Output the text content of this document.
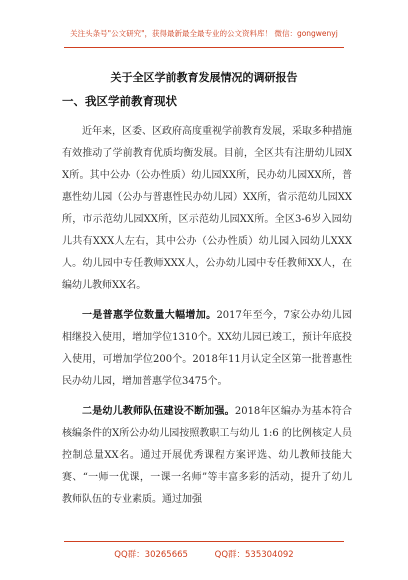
关注头条号"公文研究"，获得最新最全最专业的公文资料库！ 微信：gongwenyj
关于全区学前教育发展情况的调研报告
一、我区学前教育现状

近年来，区委、区政府高度重视学前教育发展，采取多种措施有效推动了学前教育优质均衡发展。目前，全区共有注册幼儿园XX所。其中公办（公办性质）幼儿园XX所，民办幼儿园XX所，普惠性幼儿园（公办与普惠性民办幼儿园）XX所，省示范幼儿园XX所，市示范幼儿园XX所，区示范幼儿园XX所。全区3-6岁入园幼儿共有XXX人左右，其中公办（公办性质）幼儿园入园幼儿XXX人。幼儿园中专任教师XXX人，公办幼儿园中专任教师XX人，在编幼儿教师XX名。

一是普惠学位数量大幅增加。2017年至今，7家公办幼儿园相继投入使用，增加学位1310个。XX幼儿园已竣工，预计年底投入使用，可增加学位200个。2018年11月认定全区第一批普惠性民办幼儿园，增加普惠学位3475个。

二是幼儿教师队伍建设不断加强。2018年区编办为基本符合核编条件的X所公办幼儿园按照教职工与幼儿 1:6 的比例核定人员控制总量XX名。通过开展优秀课程方案评选、幼儿教师技能大赛、“一师一优课，一课一名师”等丰富多彩的活动，提升了幼儿教师队伍的专业素质。通过加强

QQ群：30265665	QQ群：535304092
